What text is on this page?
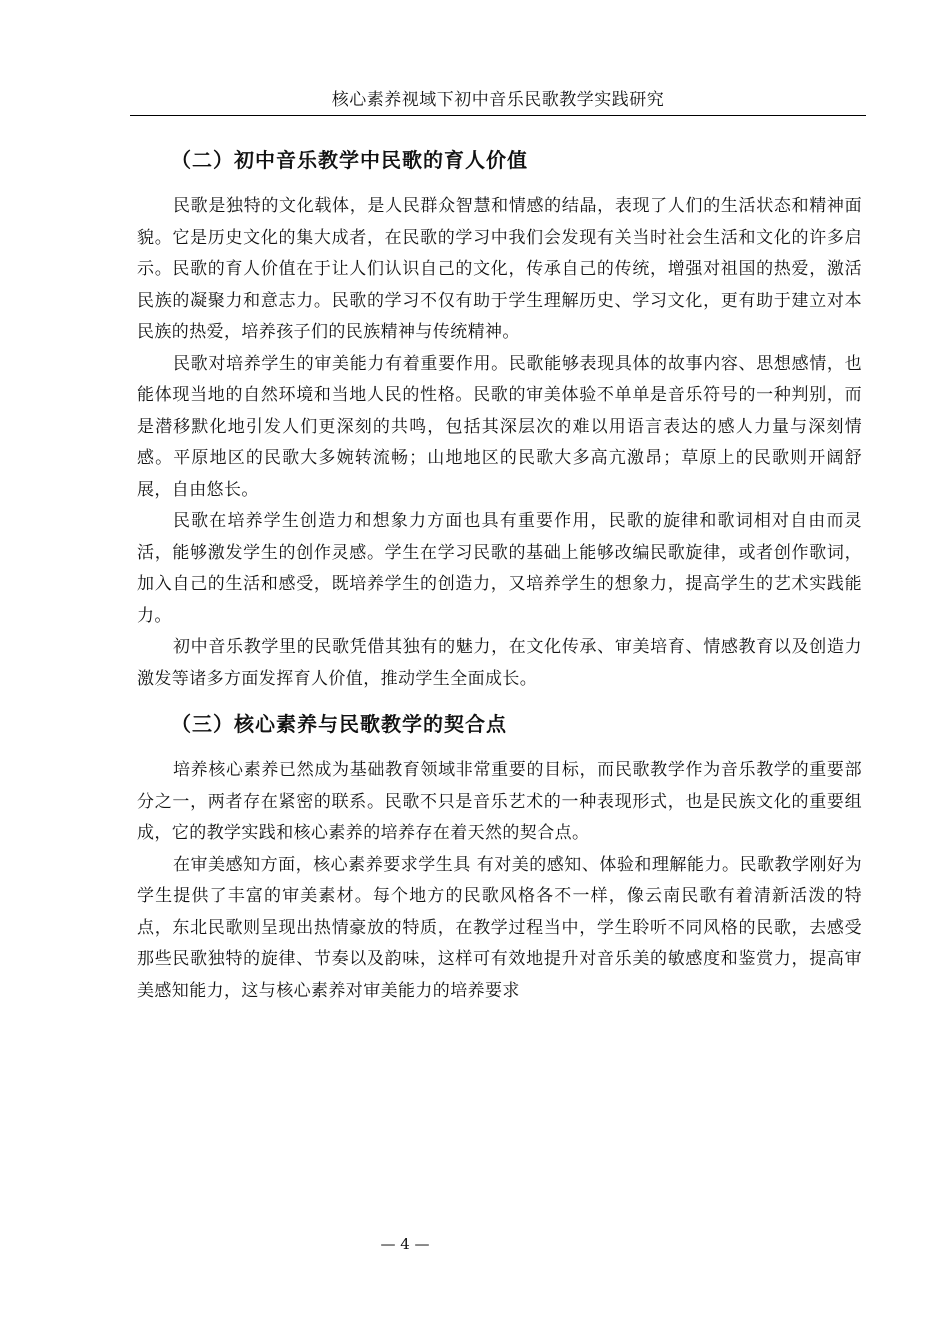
核心素养视域下初中音乐民歌教学实践研究
（二）初中音乐教学中民歌的育人价值

民歌是独特的文化载体，是人民群众智慧和情感的结晶，表现了人们的生活状态和精神面貌。它是历史文化的集大成者，在民歌的学习中我们会发现有关当时社会生活和文化的许多启示。民歌的育人价值在于让人们认识自己的文化，传承自己的传统，增强对祖国的热爱，激活民族的凝聚力和意志力。民歌的学习不仅有助于学生理解历史、学习文化，更有助于建立对本民族的热爱，培养孩子们的民族精神与传统精神。

民歌对培养学生的审美能力有着重要作用。民歌能够表现具体的故事内容、思想感情，也能体现当地的自然环境和当地人民的性格。民歌的审美体验不单单是音乐符号的一种判别，而是潜移默化地引发人们更深刻的共鸣，包括其深层次的难以用语言表达的感人力量与深刻情感。平原地区的民歌大多婉转流畅；山地地区的民歌大多高亢激昂；草原上的民歌则开阔舒展，自由悠长。

民歌在培养学生创造力和想象力方面也具有重要作用，民歌的旋律和歌词相对自由而灵活，能够激发学生的创作灵感。学生在学习民歌的基础上能够改编民歌旋律，或者创作歌词，加入自己的生活和感受，既培养学生的创造力，又培养学生的想象力，提高学生的艺术实践能力。

初中音乐教学里的民歌凭借其独有的魅力，在文化传承、审美培育、情感教育以及创造力激发等诸多方面发挥育人价值，推动学生全面成长。

（三）核心素养与民歌教学的契合点

培养核心素养已然成为基础教育领域非常重要的目标，而民歌教学作为音乐教学的重要部分之一，两者存在紧密的联系。民歌不只是音乐艺术的一种表现形式，也是民族文化的重要组成，它的教学实践和核心素养的培养存在着天然的契合点。

在审美感知方面，核心素养要求学生具 有对美的感知、体验和理解能力。民歌教学刚好为学生提供了丰富的审美素材。每个地方的民歌风格各不一样，像云南民歌有着清新活泼的特点，东北民歌则呈现出热情豪放的特质，在教学过程当中，学生聆听不同风格的民歌，去感受那些民歌独特的旋律、节奏以及韵味，这样可有效地提升对音乐美的敏感度和鉴赏力，提高审美感知能力，这与核心素养对审美能力的培养要求

— 4 —
